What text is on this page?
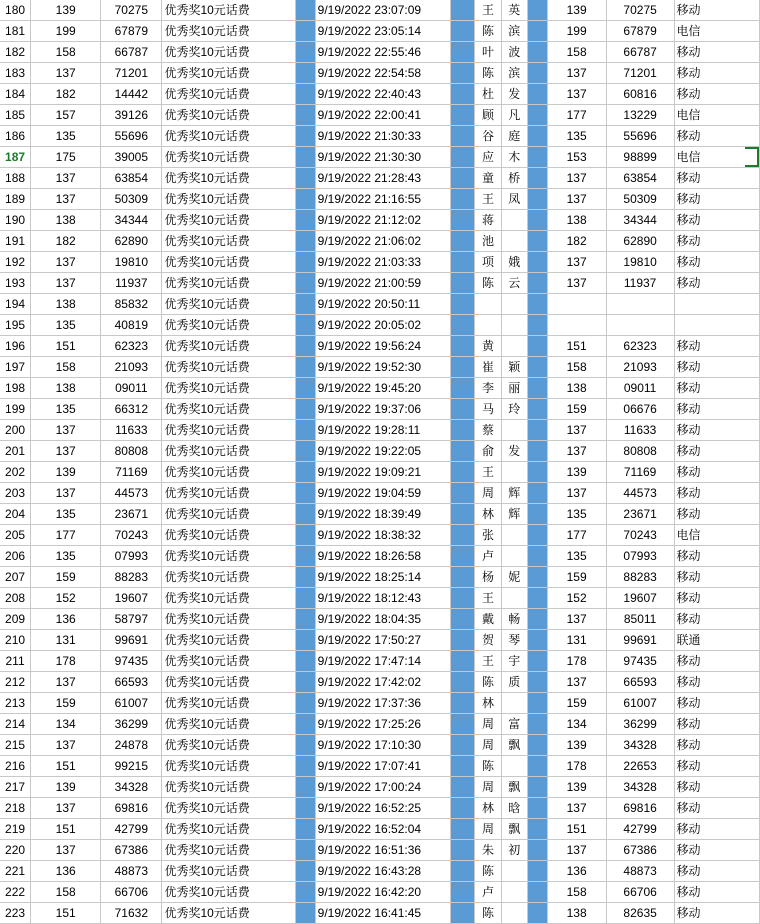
180	139	70275	优秀奖10元话费		9/19/2022 23:07:09		王	英		139	70275	移动
181	199	67879	优秀奖10元话费		9/19/2022 23:05:14		陈	滨		199	67879	电信
182	158	66787	优秀奖10元话费		9/19/2022 22:55:46		叶	波		158	66787	移动
183	137	71201	优秀奖10元话费		9/19/2022 22:54:58		陈	滨		137	71201	移动
184	182	14442	优秀奖10元话费		9/19/2022 22:40:43		杜	发		137	60816	移动
185	157	39126	优秀奖10元话费		9/19/2022 22:00:41		顾	凡		177	13229	电信
186	135	55696	优秀奖10元话费		9/19/2022 21:30:33		谷	庭		135	55696	移动
187	175	39005	优秀奖10元话费		9/19/2022 21:30:30		应	木		153	98899	电信
188	137	63854	优秀奖10元话费		9/19/2022 21:28:43		童	桥		137	63854	移动
189	137	50309	优秀奖10元话费		9/19/2022 21:16:55		王	凤		137	50309	移动
190	138	34344	优秀奖10元话费		9/19/2022 21:12:02		蒋			138	34344	移动
191	182	62890	优秀奖10元话费		9/19/2022 21:06:02		池			182	62890	移动
192	137	19810	优秀奖10元话费		9/19/2022 21:03:33		项	娥		137	19810	移动
193	137	11937	优秀奖10元话费		9/19/2022 21:00:59		陈	云		137	11937	移动
194	138	85832	优秀奖10元话费		9/19/2022 20:50:11							
195	135	40819	优秀奖10元话费		9/19/2022 20:05:02							
196	151	62323	优秀奖10元话费		9/19/2022 19:56:24		黄			151	62323	移动
197	158	21093	优秀奖10元话费		9/19/2022 19:52:30		崔	颖		158	21093	移动
198	138	09011	优秀奖10元话费		9/19/2022 19:45:20		李	丽		138	09011	移动
199	135	66312	优秀奖10元话费		9/19/2022 19:37:06		马	玲		159	06676	移动
200	137	11633	优秀奖10元话费		9/19/2022 19:28:11		蔡			137	11633	移动
201	137	80808	优秀奖10元话费		9/19/2022 19:22:05		俞	发		137	80808	移动
202	139	71169	优秀奖10元话费		9/19/2022 19:09:21		王			139	71169	移动
203	137	44573	优秀奖10元话费		9/19/2022 19:04:59		周	辉		137	44573	移动
204	135	23671	优秀奖10元话费		9/19/2022 18:39:49		林	辉		135	23671	移动
205	177	70243	优秀奖10元话费		9/19/2022 18:38:32		张			177	70243	电信
206	135	07993	优秀奖10元话费		9/19/2022 18:26:58		卢			135	07993	移动
207	159	88283	优秀奖10元话费		9/19/2022 18:25:14		杨	妮		159	88283	移动
208	152	19607	优秀奖10元话费		9/19/2022 18:12:43		王			152	19607	移动
209	136	58797	优秀奖10元话费		9/19/2022 18:04:35		戴	畅		137	85011	移动
210	131	99691	优秀奖10元话费		9/19/2022 17:50:27		贺	琴		131	99691	联通
211	178	97435	优秀奖10元话费		9/19/2022 17:47:14		王	宇		178	97435	移动
212	137	66593	优秀奖10元话费		9/19/2022 17:42:02		陈	质		137	66593	移动
213	159	61007	优秀奖10元话费		9/19/2022 17:37:36		林			159	61007	移动
214	134	36299	优秀奖10元话费		9/19/2022 17:25:26		周	富		134	36299	移动
215	137	24878	优秀奖10元话费		9/19/2022 17:10:30		周	飘		139	34328	移动
216	151	99215	优秀奖10元话费		9/19/2022 17:07:41		陈			178	22653	移动
217	139	34328	优秀奖10元话费		9/19/2022 17:00:24		周	飘		139	34328	移动
218	137	69816	优秀奖10元话费		9/19/2022 16:52:25		林	晗		137	69816	移动
219	151	42799	优秀奖10元话费		9/19/2022 16:52:04		周	飘		151	42799	移动
220	137	67386	优秀奖10元话费		9/19/2022 16:51:36		朱	初		137	67386	移动
221	136	48873	优秀奖10元话费		9/19/2022 16:43:28		陈			136	48873	移动
222	158	66706	优秀奖10元话费		9/19/2022 16:42:20		卢			158	66706	移动
223	151	71632	优秀奖10元话费		9/19/2022 16:41:45		陈			138	82635	移动
